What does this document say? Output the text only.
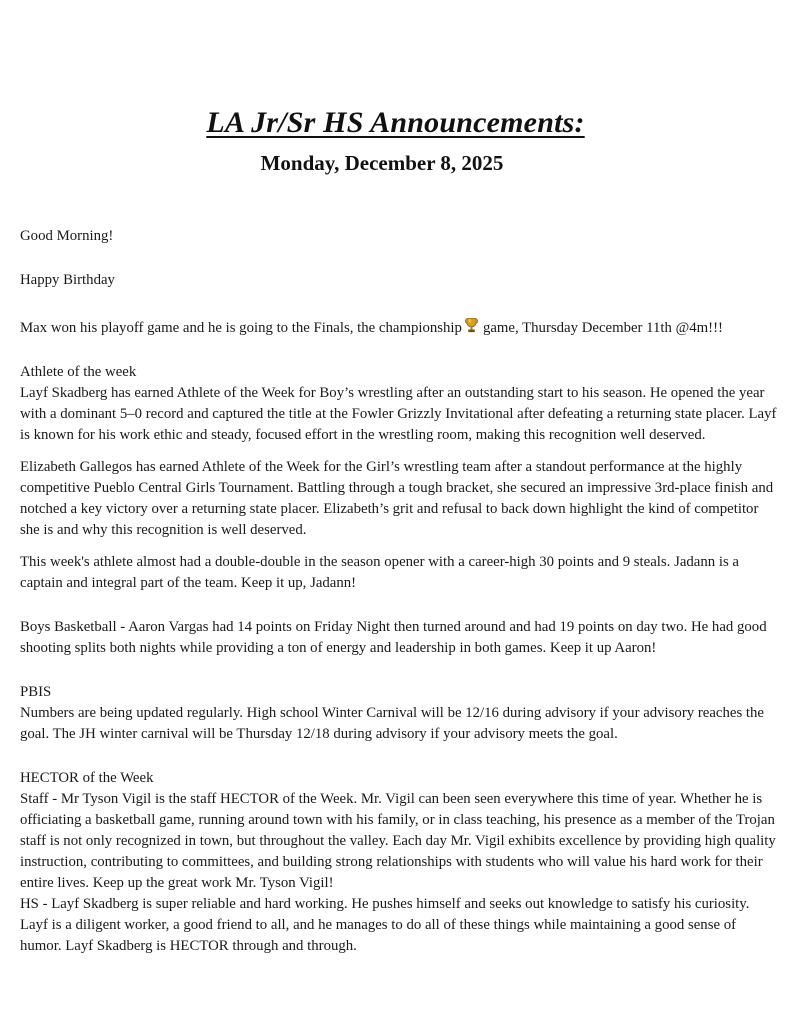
LA Jr/Sr HS Announcements:
Monday, December 8, 2025

Good Morning!

Happy Birthday

Max won his playoff game and he is going to the Finals, the championship game, Thursday December 11th @4m!!!

Athlete of the week

Layf Skadberg has earned Athlete of the Week for Boy’s wrestling after an outstanding start to his season. He opened the year with a dominant 5–0 record and captured the title at the Fowler Grizzly Invitational after defeating a returning state placer. Layf is known for his work ethic and steady, focused effort in the wrestling room, making this recognition well deserved.

Elizabeth Gallegos has earned Athlete of the Week for the Girl’s wrestling team after a standout performance at the highly competitive Pueblo Central Girls Tournament. Battling through a tough bracket, she secured an impressive 3rd-place finish and notched a key victory over a returning state placer. Elizabeth’s grit and refusal to back down highlight the kind of competitor she is and why this recognition is well deserved.

This week's athlete almost had a double-double in the season opener with a career-high 30 points and 9 steals. Jadann is a captain and integral part of the team. Keep it up, Jadann!

Boys Basketball - Aaron Vargas had 14 points on Friday Night then turned around and had 19 points on day two. He had good shooting splits both nights while providing a ton of energy and leadership in both games. Keep it up Aaron!

PBIS

Numbers are being updated regularly. High school Winter Carnival will be 12/16 during advisory if your advisory reaches the goal. The JH winter carnival will be Thursday 12/18 during advisory if your advisory meets the goal.

HECTOR of the Week

Staff - Mr Tyson Vigil is the staff HECTOR of the Week. Mr. Vigil can been seen everywhere this time of year. Whether he is officiating a basketball game, running around town with his family, or in class teaching, his presence as a member of the Trojan staff is not only recognized in town, but throughout the valley. Each day Mr. Vigil exhibits excellence by providing high quality instruction, contributing to committees, and building strong relationships with students who will value his hard work for their entire lives. Keep up the great work Mr. Tyson Vigil!

HS - Layf Skadberg is super reliable and hard working. He pushes himself and seeks out knowledge to satisfy his curiosity. Layf is a diligent worker, a good friend to all, and he manages to do all of these things while maintaining a good sense of humor. Layf Skadberg is HECTOR through and through.
